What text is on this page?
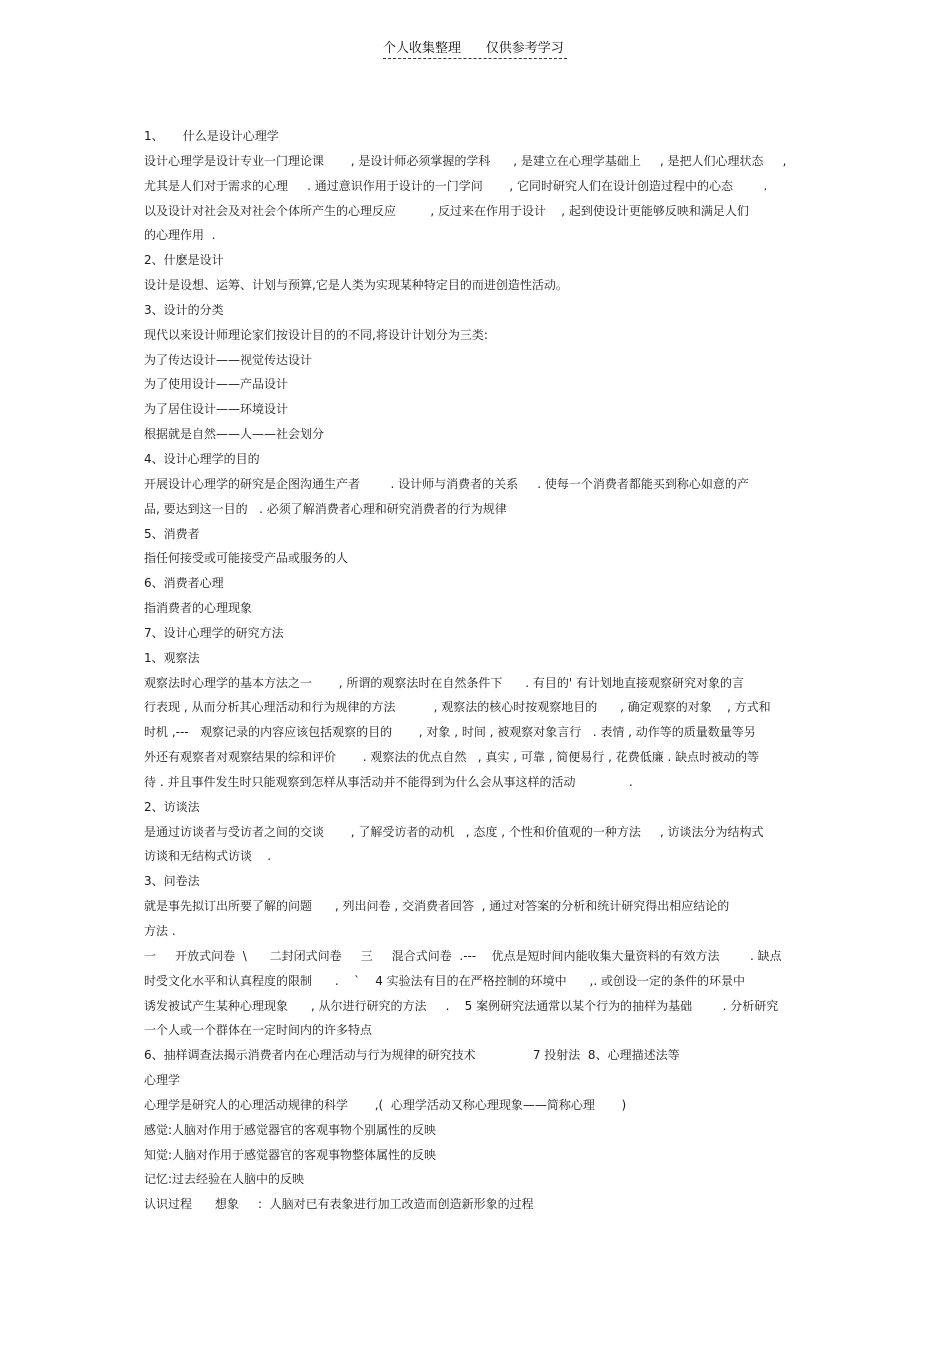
个人收集整理      仅供参考学习
1、     什么是设计心理学
设计心理学是设计专业一门理论课       , 是设计师必须掌握的学科      , 是建立在心理学基础上     , 是把人们心理状态     ,
尤其是人们对于需求的心理     . 通过意识作用于设计的一门学问       , 它同时研究人们在设计创造过程中的心态        .
以及设计对社会及对社会个体所产生的心理反应         , 反过来在作用于设计    , 起到使设计更能够反映和满足人们
的心理作用  .
2、什麽是设计
设计是设想、运筹、计划与预算,它是人类为实现某种特定目的而进创造性活动。
3、设计的分类
现代以来设计师理论家们按设计目的的不同,将设计计划分为三类:
为了传达设计——视觉传达设计
为了使用设计——产品设计
为了居住设计——环境设计
根据就是自然——人——社会划分
4、设计心理学的目的
开展设计心理学的研究是企图沟通生产者        . 设计师与消费者的关系     . 使每一个消费者都能买到称心如意的产
品, 要达到这一目的   . 必须了解消费者心理和研究消费者的行为规律
5、消费者
指任何接受或可能接受产品或服务的人
6、消费者心理
指消费者的心理现象
7、设计心理学的研究方法
1、观察法
观察法时心理学的基本方法之一       , 所谓的观察法时在自然条件下      . 有目的' 有计划地直接观察研究对象的言
行表现 , 从而分析其心理活动和行为规律的方法          , 观察法的核心时按观察地目的      , 确定观察的对象    , 方式和
时机 ,---   观察记录的内容应该包括观察的目的       , 对象 , 时间 , 被观察对象言行   . 表情 , 动作等的质量数量等另
外还有观察者对观察结果的综和评价       . 观察法的优点自然   , 真实 , 可靠 , 简便易行 , 花费低廉 . 缺点时被动的等
待 . 并且事件发生时只能观察到怎样从事活动并不能得到为什么会从事这样的活动              .
2、访谈法
是通过访谈者与受访者之间的交谈       , 了解受访者的动机   , 态度 , 个性和价值观的一种方法     , 访谈法分为结构式
访谈和无结构式访谈    .
3、问卷法
就是事先拟订出所要了解的问题      , 列出问卷 , 交消费者回答  , 通过对答案的分析和统计研究得出相应结论的
方法 .
一     开放式问卷  \      二封闭式问卷     三     混合式问卷  .---    优点是短时间内能收集大量资料的有效方法        . 缺点
时受文化水平和认真程度的限制      .    `    4 实验法有目的在严格控制的环境中      ,. 或创设一定的条件的环景中
诱发被试产生某种心理现象      , 从尔进行研究的方法     .    5 案例研究法通常以某个行为的抽样为基础        . 分析研究
一个人或一个群体在一定时间内的许多特点
6、抽样调查法揭示消费者内在心理活动与行为规律的研究技术               7 投射法  8、心理描述法等
心理学
心理学是研究人的心理活动规律的科学       ,(  心理学活动又称心理现象——简称心理       )
感觉:人脑对作用于感觉器官的客观事物个别属性的反映
知觉:人脑对作用于感觉器官的客观事物整体属性的反映
记忆:过去经验在人脑中的反映
认识过程      想象     :  人脑对已有表象进行加工改造而创造新形象的过程
